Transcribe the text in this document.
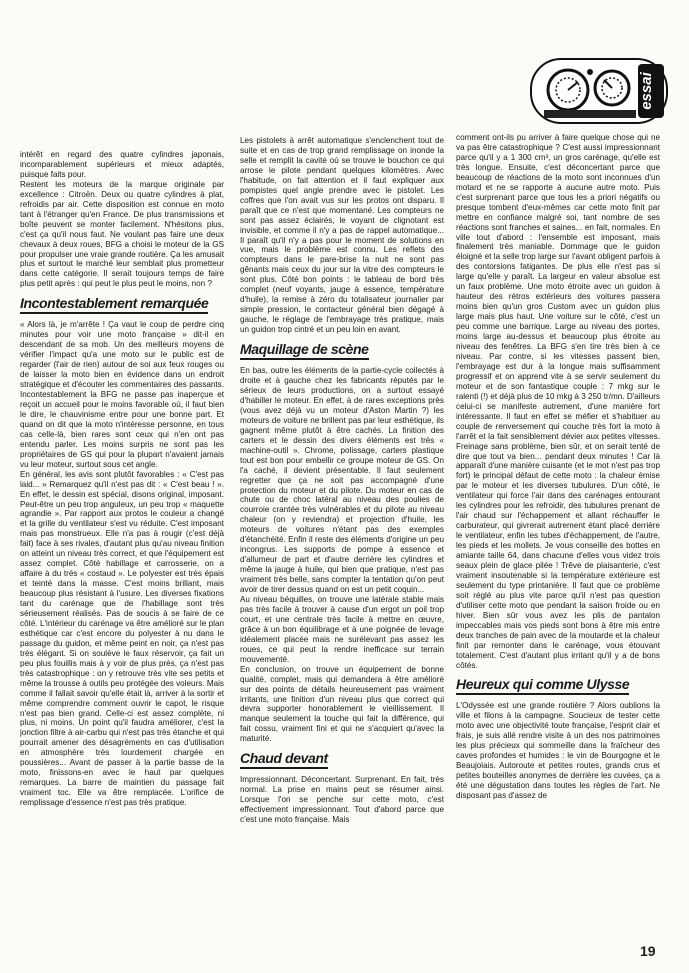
essai

intérêt en regard des quatre cylindres japonais, incomparablement supérieurs et mieux adaptés, puisque faits pour.

Restent les moteurs de la marque originale par excellence : Citroën. Deux ou quatre cylindres à plat, refroidis par air. Cette disposition est connue en moto tant à l'étranger qu'en France. De plus transmissions et boîte peuvent se monter facilement. N'hésitons plus, c'est ça qu'il nous faut. Ne voulant pas faire une deux chevaux à deux roues, BFG a choisi le moteur de la GS pour propulser une vraie grande routière. Ça les amusait plus et surtout le marché leur semblait plus prometteur dans cette catégorie. Il serait toujours temps de faire plus petit après : qui peut le plus peut le moins, non ?

Incontestablement remarquée

« Alors là, je m'arrête ! Ça vaut le coup de perdre cinq minutes pour voir une moto française » dit-il en descendant de sa mob. Un des meilleurs moyens de vérifier l'impact qu'a une moto sur le public est de regarder (l'air de rien) autour de soi aux feux rouges ou de laisser la moto bien en évidence dans un endroit stratégique et d'écouter les commentaires des passants. Incontestablement la BFG ne passe pas inaperçue et reçoit un accueil pour le moins favorable où, il faut bien le dire, le chauvinisme entre pour une bonne part. Et quand on dit que la moto n'intéresse personne, en tous cas celle-là, bien rares sont ceux qui n'en ont pas entendu parler. Les moins surpris ne sont pas les propriétaires de GS qui pour la plupart n'avaient jamais vu leur moteur, surtout sous cet angle.

En général, les avis sont plutôt favorables : « C'est pas laid... » Remarquez qu'il n'est pas dit : « C'est beau ! ». En effet, le dessin est spécial, disons original, imposant. Peut-être un peu trop anguleux, un peu trop « maquette agrandie ». Par rapport aux protos le couleur a changé et la grille du ventilateur s'est vu réduite. C'est imposant mais pas monstrueux. Elle n'a pas à rougir (c'est déjà fait) face à ses rivales, d'autant plus qu'au niveau finition on atteint un niveau très correct, et que l'équipement est assez complet. Côté habillage et carrosserie, on a affaire à du très « costaud ». Le polyester est très épais et teinté dans la masse. C'est moins brillant, mais beaucoup plus résistant à l'usure. Les diverses fixations tant du carénage que de l'habillage sont très sérieusement réalisés. Pas de soucis à se faire de ce côté. L'intérieur du carénage va être amélioré sur le plan esthétique car c'est encore du polyester à nu dans le passage du guidon, et même peint en noir, ça n'est pas très élégant. Si on soulève le faux réservoir, ça fait un peu plus fouillis mais à y voir de plus près, ça n'est pas très catastrophique : on y retrouve très vite ses petits et même la trousse à outils peu protégée des voleurs. Mais comme il fallait savoir qu'elle était là, arriver à la sortir et même comprendre comment ouvrir le capot, le risque n'est pas bien grand. Celle-ci est assez complète, ni plus, ni moins. Un point qu'il faudra améliorer, c'est la jonction filtre à air-carbu qui n'est pas très étanche et qui pourrait amener des désagréments en cas d'utilisation en atmosphère très lourdement chargée en poussières... Avant de passer à la partie basse de la moto, finissons-en avec le haut par quelques remarques. La barre de maintien du passage fait vraiment toc. Elle va être remplacée. L'orifice de remplissage d'essence n'est pas très pratique.

Les pistolets à arrêt automatique s'enclenchent tout de suite et en cas de trop grand remplissage on inonde la selle et remplit la cavité où se trouve le bouchon ce qui arrose le pilote pendant quelques kilomètres. Avec l'habitude, on fait attention et il faut expliquer aux pompistes quel angle prendre avec le pistolet. Les coffres que l'on avait vus sur les protos ont disparu. Il paraît que ce n'est que momentané. Les compteurs ne sont pas assez éclairés, le voyant de clignotant est invisible, et comme il n'y a pas de rappel automatique... Il paraît qu'il n'y a pas pour le moment de solutions en vue, mais le problème est connu. Les reflets des compteurs dans le pare-brise la nuit ne sont pas gênants mais ceux du jour sur la vitre des compteurs le sont plus. Côté bon points : le tableau de bord très complet (neuf voyants, jauge à essence, température d'huile), la remise à zéro du totalisateur journalier par simple pression, le contacteur général bien dégagé à gauche, le réglage de l'embrayage très pratique, mais un guidon trop cintré et un peu loin en avant.

Maquillage de scène

En bas, outre les éléments de la partie-cycle collectés à droite et à gauche chez les fabricants réputés par le sérieux de leurs productions, on a surtout essayé d'habiller le moteur. En effet, à de rares exceptions près (vous avez déjà vu un moteur d'Aston Martin ?) les moteurs de voiture ne brillent pas par leur esthétique, ils gagnent même plutôt à être cachés. La finition des carters et le dessin des divers éléments est très « machine-outil ». Chrome, polissage, carters plastique tout est bon pour embellir ce groupe moteur de GS. On l'a caché, il devient présentable. Il faut seulement regretter que ça ne soit pas accompagné d'une protection du moteur et du pilote. Du moteur en cas de chute ou de choc latéral au niveau des poulies de courroie crantée très vulnérables et du pilote au niveau chaleur (on y reviendra) et projection d'huile, les moteurs de voitures n'étant pas des exemples d'étanchéité. Enfin il reste des éléments d'origine un peu incongrus. Les supports de pompe à essence et d'allumeur de part et d'autre derrière les cylindres et même la jauge à huile, qui bien que pratique, n'est pas vraiment très belle, sans compter la tentation qu'on peut avoir de tirer dessus quand on est un petit coquin...

Au niveau béquilles, on trouve une latérale stable mais pas très facile à trouver à cause d'un ergot un poil trop court, et une centrale très facile à mettre en œuvre, grâce à un bon équilibrage et à une poignée de levage idéalement placée mais ne surélevant pas assez les roues, ce qui peut la rendre inefficace sur terrain mouvementé.

En conclusion, on trouve un équipement de bonne qualité, complet, mais qui demandera à être amélioré sur des points de détails heureusement pas vraiment irritants, une finition d'un niveau plus que correct qui devra supporter honorablement le vieillissement. Il manque seulement la touche qui fait la différence, qui fait cossu, vraiment fini et qui ne s'acquiert qu'avec la maturité.

Chaud devant

Impressionnant. Déconcertant. Surprenant. En fait, très normal. La prise en mains peut se résumer ainsi. Lorsque l'on se penche sur cette moto, c'est effectivement impressionnant. Tout d'abord parce que c'est une moto française. Mais

comment ont-ils pu arriver à faire quelque chose qui ne va pas être catastrophique ? C'est aussi impressionnant parce qu'il y a 1 300 cm³, un gros carénage, qu'elle est très longue. Ensuite, c'est déconcertant parce que beaucoup de réactions de la moto sont inconnues d'un motard et ne se rapporte à aucune autre moto. Puis c'est surprenant parce que tous les a priori négatifs ou presque tombent d'eux-mêmes car cette moto finit par mettre en confiance malgré soi, tant nombre de ses réactions sont franches et saines... en fait, normales. En ville tout d'abord : l'ensemble est imposant, mais finalement très maniable. Dommage que le guidon éloigné et la selle trop large sur l'avant obligent parfois à des contorsions fatigantes. De plus elle n'est pas si large qu'elle y paraît. La largeur en valeur absolue est un faux problème. Une moto étroite avec un guidon à hauteur des rétros extérieurs des voitures passera moins bien qu'un gros Custom avec un guidon plus large mais plus haut. Une voiture sur le côté, c'est un peu comme une barrique. Large au niveau des portes, moins large au-dessus et beaucoup plus étroite au niveau des fenêtres. La BFG s'en tire très bien à ce niveau. Par contre, si les vitesses passent bien, l'embrayage est dur à la longue mais suffisamment progressif et on apprend vite à se servir seulement du moteur et de son fantastique couple : 7 mkg sur le ralenti (!) et déjà plus de 10 mkg à 3 250 tr/mn. D'ailleurs celui-ci se manifeste autrement, d'une manière fort intéressante. Il faut en effet se méfier et s'habituer au couple de renversement qui couche très fort la moto à l'arrêt et la fait sensiblement dévier aux petites vitesses. Freinage sans problème, bien sûr, et on serait tenté de dire que tout va bien... pendant deux minutes ! Car là apparaît d'une manière cuisante (et le mot n'est pas trop fort) le principal défaut de cette moto : la chaleur émise par le moteur et les diverses tubulures. D'un côté, le ventilateur qui force l'air dans des carénages entourant les cylindres pour les refroidir, des tubulures prenant de l'air chaud sur l'échappement et allant réchauffer le carburateur, qui givrerait autrement étant placé derrière le ventilateur, enfin les tubes d'échappement, de l'autre, les pieds et les mollets. Je vous conseille des bottes en amiante taille 64, dans chacune d'elles vous videz trois seaux plein de glace pilée ! Trêve de plaisanterie, c'est vraiment insoutenable si la température extérieure est seulement du type printanière. Il faut que ce problème soit réglé au plus vite parce qu'il n'est pas question d'utiliser cette moto que pendant la saison froide ou en hiver. Bien sûr vous avez les plis de pantalon impeccables mais vos pieds sont bons à être mis entre deux tranches de pain avec de la moutarde et la chaleur finit par remonter dans le carénage, vous étouvant totalement. C'est d'autant plus irritant qu'il y a de bons côtés.

Heureux qui comme Ulysse

L'Odyssée est une grande routière ? Alors oublions la ville et filons à la campagne. Soucieux de tester cette moto avec une objectivité toute française, l'esprit clair et frais, je suis allé rendre visite à un des nos patrimoines les plus précieux qui sommeille dans la fraîcheur des caves profondes et humides : le vin de Bourgogne et le Beaujolais. Autoroute et petites routes, grands crus et petites bouteilles anonymes de derrière les cuvées, ça a été une dégustation dans toutes les règles de l'art. Ne disposant pas d'assez de

19
